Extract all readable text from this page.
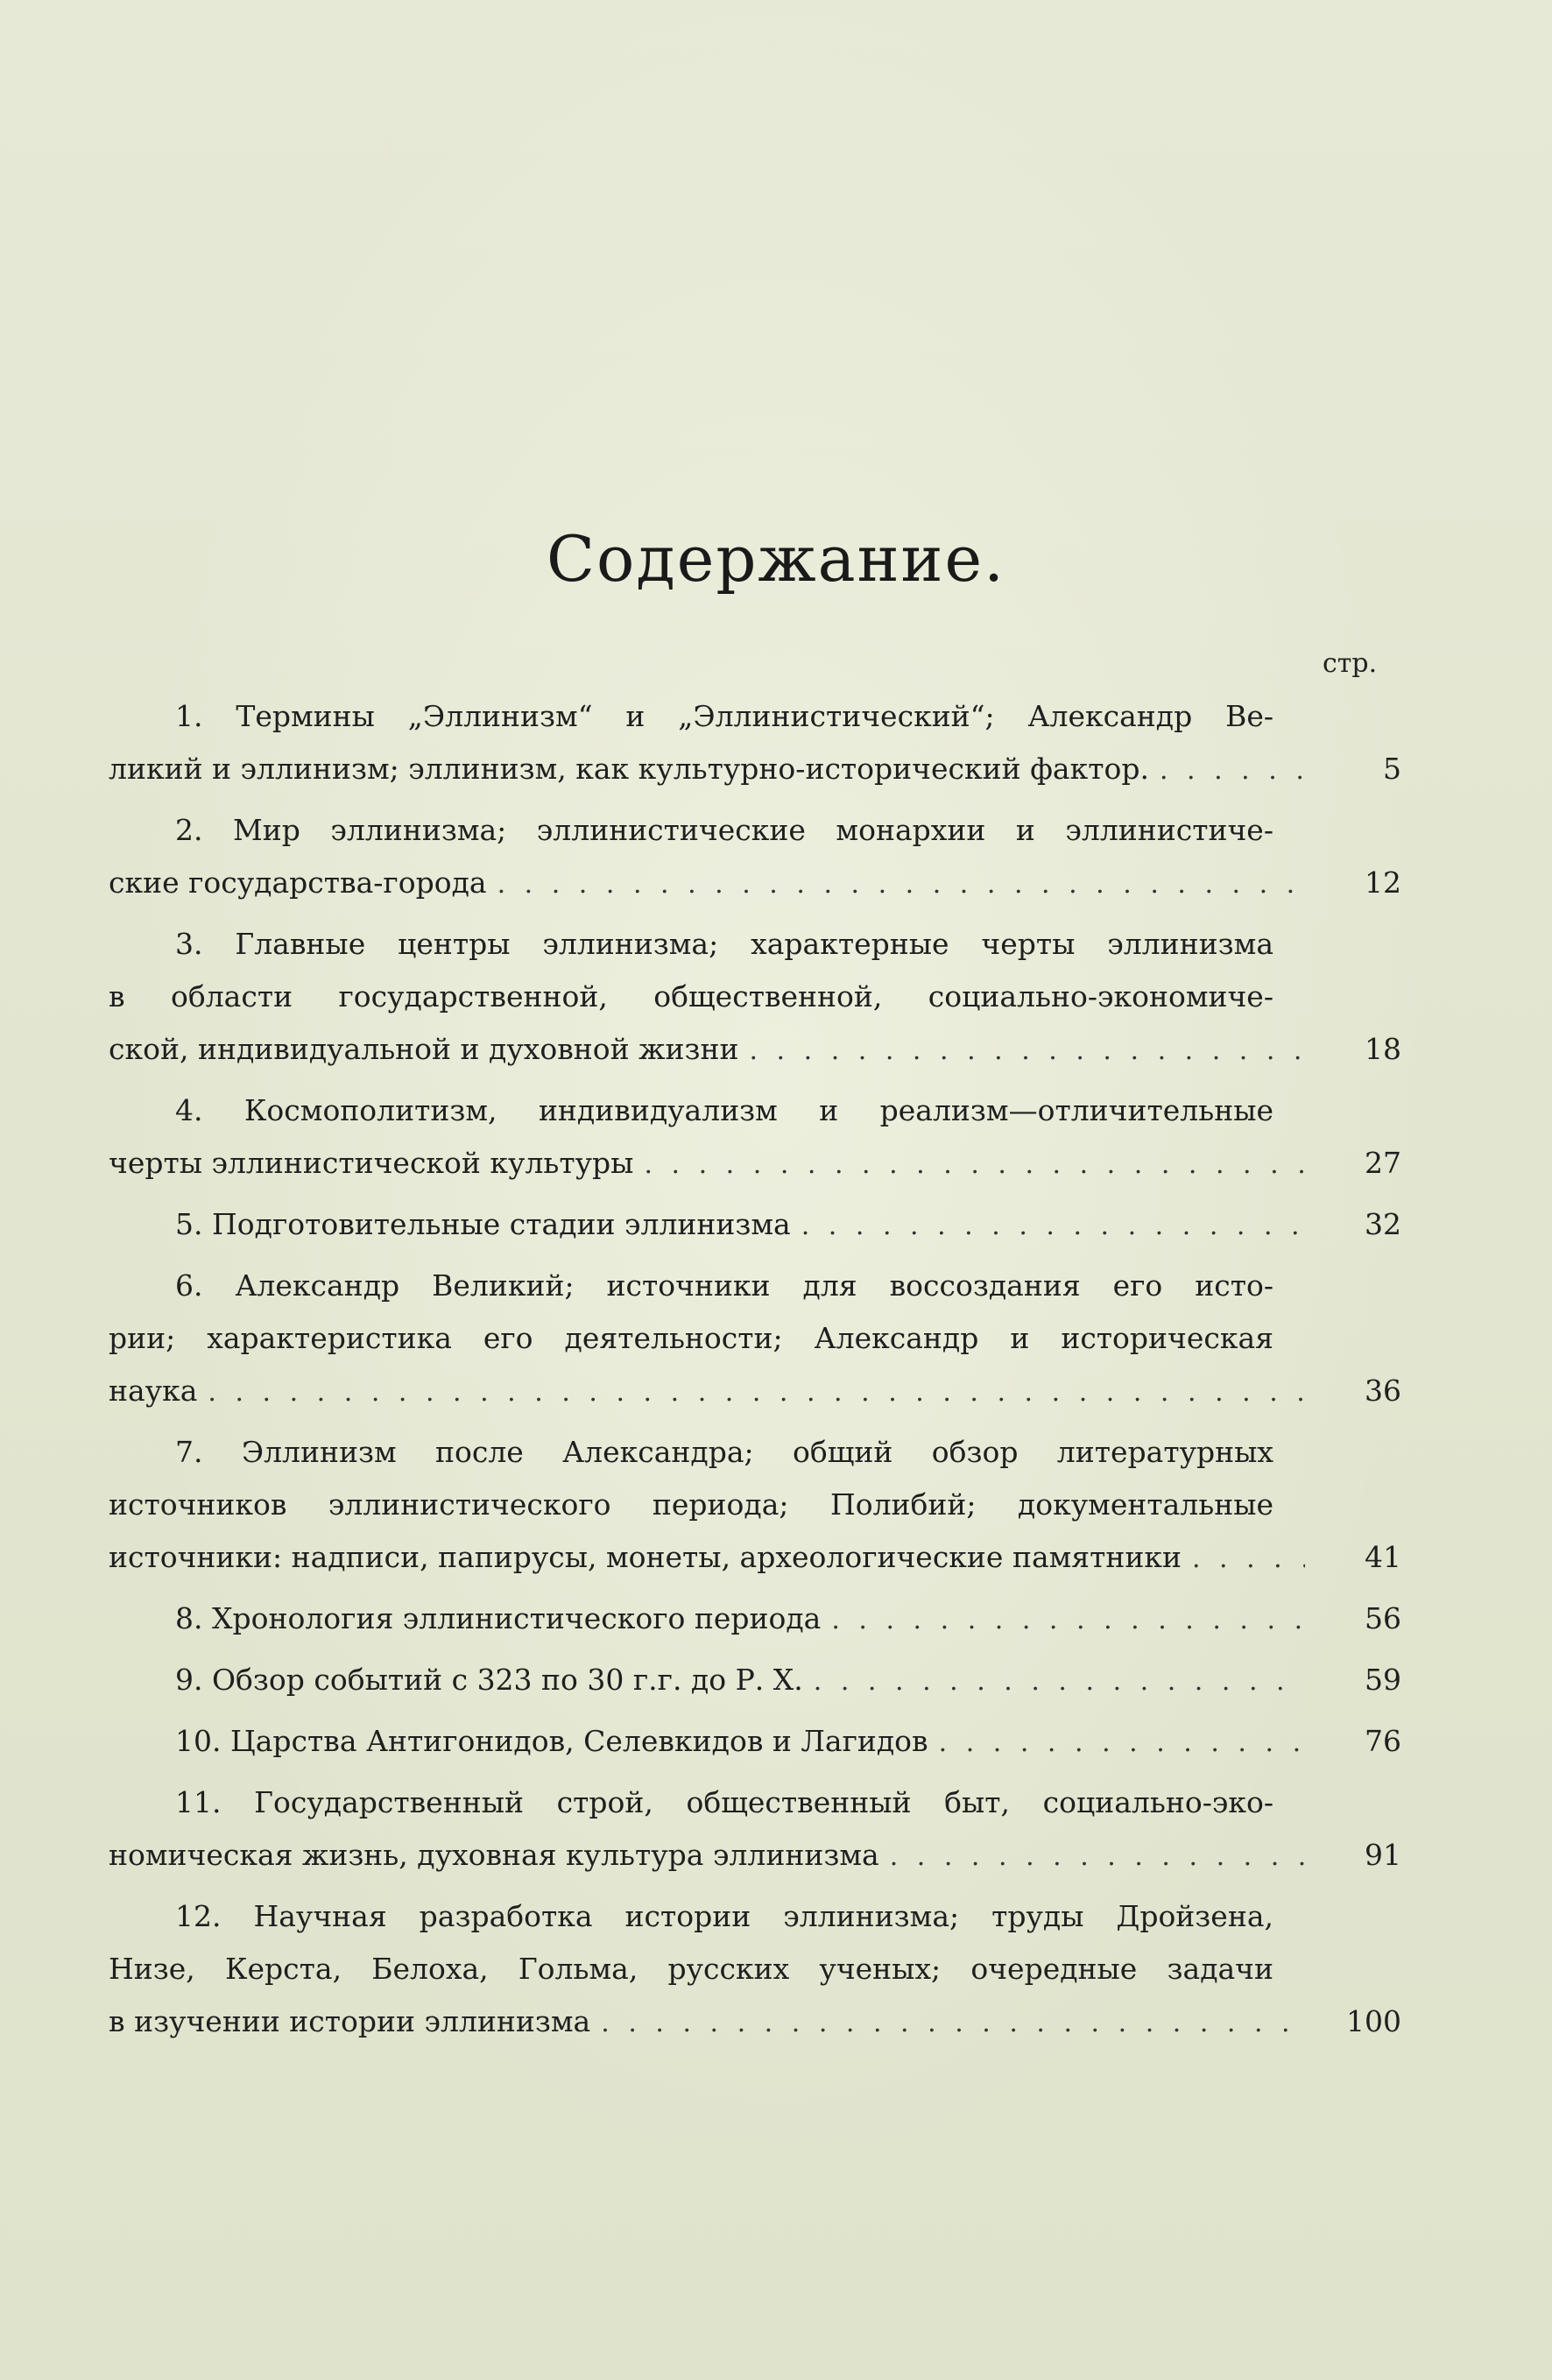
Содержание.
стр.
1. Термины „Эллинизм“ и „Эллинистический“; Александр Ве-
ликий и эллинизм; эллинизм, как культурно-исторический фактор. . . .	5
2. Мир эллинизма; эллинистические монархии и эллинистиче-
ские государства-города . . .	12
3. Главные центры эллинизма; характерные черты эллинизма
в области государственной, общественной, социально-экономиче-
ской, индивидуальной и духовной жизни . . .	18
4. Космополитизм, индивидуализм и реализм—отличительные
черты эллинистической культуры . . .	27
5. Подготовительные стадии эллинизма . . .	32
6. Александр Великий; источники для воссоздания его исто-
рии; характеристика его деятельности; Александр и историческая
наука . . .	36
7. Эллинизм после Александра; общий обзор литературных
источников эллинистического периода; Полибий; документальные
источники: надписи, папирусы, монеты, археологические памятники . . .	41
8. Хронология эллинистического периода . . .	56
9. Обзор событий с 323 по 30 г.г. до Р. Х. . . .	59
10. Царства Антигонидов, Селевкидов и Лагидов . . .	76
11. Государственный строй, общественный быт, социально-эко-
номическая жизнь, духовная культура эллинизма . . .	91
12. Научная разработка истории эллинизма; труды Дройзена,
Низе, Керста, Белоха, Гольма, русских ученых; очередные задачи
в изучении истории эллинизма . . .	100
